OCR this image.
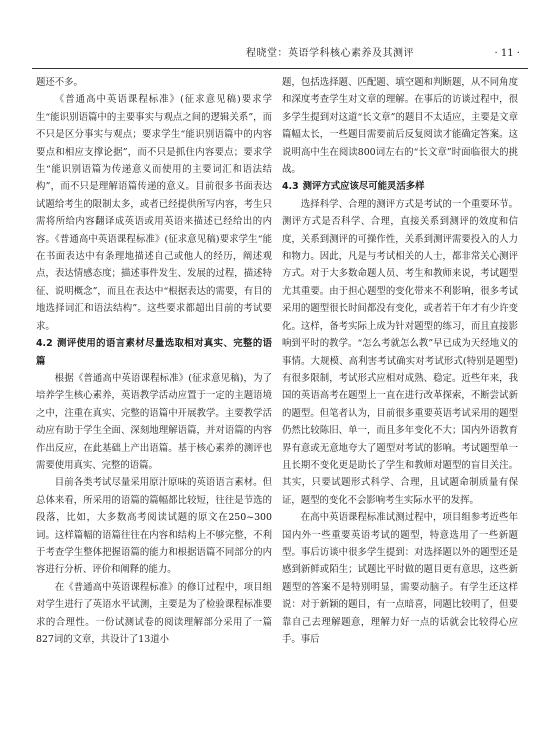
程晓堂：英语学科核心素养及其测评	· 11 ·

题还不多。

《普通高中英语课程标准》(征求意见稿)要求学生“能识别语篇中的主要事实与观点之间的逻辑关系”，而不只是区分事实与观点；要求学生“能识别语篇中的内容要点和相应支撑论据”，而不只是抓住内容要点；要求学生“能识别语篇为传递意义而使用的主要词汇和语法结构”，而不只是理解语篇传递的意义。目前很多书面表达试题给考生的限制太多，或者已经提供所写内容，考生只需将所给内容翻译成英语或用英语来描述已经给出的内容。《普通高中英语课程标准》(征求意见稿)要求学生“能在书面表达中有条理地描述自己或他人的经历，阐述观点，表达情感态度；描述事件发生、发展的过程，描述特征、说明概念”，而且在表达中“根据表达的需要，有目的地选择词汇和语法结构”。这些要求都超出目前的考试要求。

4.2 测评使用的语言素材尽量选取相对真实、完整的语篇

根据《普通高中英语课程标准》(征求意见稿)，为了培养学生核心素养，英语教学活动应置于一定的主题语境之中，注重在真实、完整的语篇中开展教学。主要教学活动应有助于学生全面、深刻地理解语篇，并对语篇的内容作出反应，在此基础上产出语篇。基于核心素养的测评也需要使用真实、完整的语篇。

目前各类考试尽量采用原汁原味的英语语言素材。但总体来看，所采用的语篇的篇幅都比较短，往往是节选的段落，比如，大多数高考阅读试题的原文在250~300词。这样篇幅的语篇往往在内容和结构上不够完整，不利于考查学生整体把握语篇的能力和根据语篇不同部分的内容进行分析、评价和阐释的能力。

在《普通高中英语课程标准》的修订过程中，项目组对学生进行了英语水平试测，主要是为了检验课程标准要求的合理性。一份试测试卷的阅读理解部分采用了一篇827词的文章，共设计了13道小

题，包括选择题、匹配题、填空题和判断题，从不同角度和深度考查学生对文章的理解。在事后的访谈过程中，很多学生提到对这道“长文章”的题目不太适应，主要是文章篇幅太长，一些题目需要前后反复阅读才能确定答案。这说明高中生在阅读800词左右的“长文章”时面临很大的挑战。

4.3 测评方式应该尽可能灵活多样

选择科学、合理的测评方式是考试的一个重要环节。测评方式是否科学、合理，直接关系到测评的效度和信度，关系到测评的可操作性，关系到测评需要投入的人力和物力。因此，凡是与考试相关的人士，都非常关心测评方式。对于大多数命题人员、考生和教师来说，考试题型尤其重要。由于担心题型的变化带来不利影响，很多考试采用的题型很长时间都没有变化，或者若干年才有少许变化。这样，备考实际上成为针对题型的练习，而且直接影响到平时的教学。“怎么考就怎么教”早已成为天经地义的事情。大规模、高利害考试确实对考试形式(特别是题型)有很多限制，考试形式应相对成熟、稳定。近些年来，我国的英语高考在题型上一直在进行改革探索，不断尝试新的题型。但笔者认为，目前很多重要英语考试采用的题型仍然比较陈旧、单一，而且多年变化不大；国内外语教育界有意或无意地夸大了题型对考试的影响。考试题型单一且长期不变化更是助长了学生和教师对题型的盲目关注。其实，只要试题形式科学、合理，且试题命制质量有保证，题型的变化不会影响考生实际水平的发挥。

在高中英语课程标准试测过程中，项目组参考近些年国内外一些重要英语考试的题型，特意选用了一些新题型。事后访谈中很多学生提到：对选择题以外的题型还是感到新鲜或陌生；试题比平时做的题目更有意思，这些新题型的答案不是特别明显，需要动脑子。有学生还这样说：对于新颖的题目，有一点暗喜，同题比较明了，但要靠自己去理解题意，理解力好一点的话就会比较得心应手。事后
